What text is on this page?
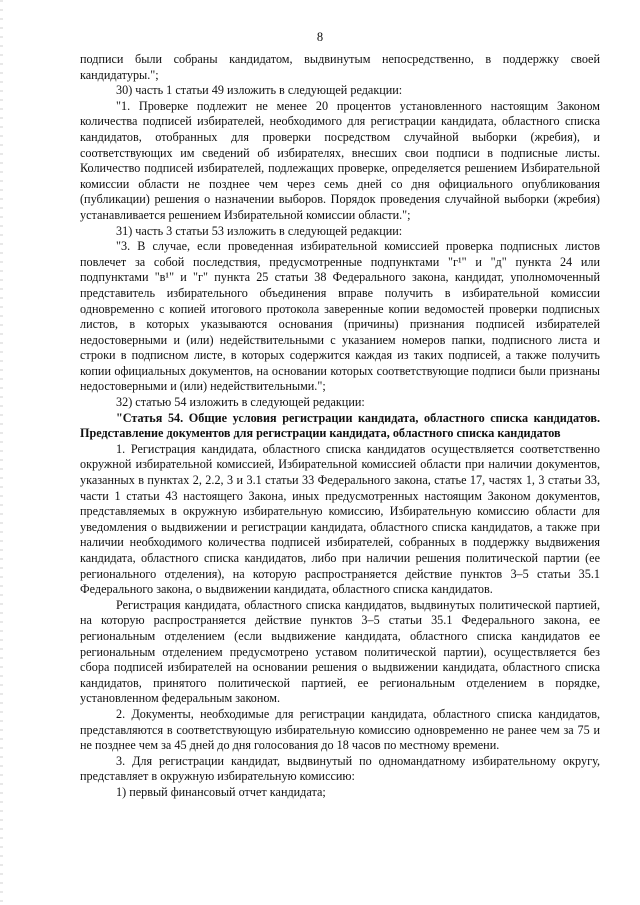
8

подписи были собраны кандидатом, выдвинутым непосредственно, в поддержку своей кандидатуры.";

30) часть 1 статьи 49 изложить в следующей редакции:

"1. Проверке подлежит не менее 20 процентов установленного настоящим Законом количества подписей избирателей, необходимого для регистрации кандидата, областного списка кандидатов, отобранных для проверки посредством случайной выборки (жребия), и соответствующих им сведений об избирателях, внесших свои подписи в подписные листы. Количество подписей избирателей, подлежащих проверке, определяется решением Избирательной комиссии области не позднее чем через семь дней со дня официального опубликования (публикации) решения о назначении выборов. Порядок проведения случайной выборки (жребия) устанавливается решением Избирательной комиссии области.";

31) часть 3 статьи 53 изложить в следующей редакции:

"3. В случае, если проведенная избирательной комиссией проверка подписных листов повлечет за собой последствия, предусмотренные подпунктами "г¹" и "д" пункта 24 или подпунктами "в¹" и "г" пункта 25 статьи 38 Федерального закона, кандидат, уполномоченный представитель избирательного объединения вправе получить в избирательной комиссии одновременно с копией итогового протокола заверенные копии ведомостей проверки подписных листов, в которых указываются основания (причины) признания подписей избирателей недостоверными и (или) недействительными с указанием номеров папки, подписного листа и строки в подписном листе, в которых содержится каждая из таких подписей, а также получить копии официальных документов, на основании которых соответствующие подписи были признаны недостоверными и (или) недействительными.";

32) статью 54 изложить в следующей редакции:

"Статья 54. Общие условия регистрации кандидата, областного списка кандидатов. Представление документов для регистрации кандидата, областного списка кандидатов

1. Регистрация кандидата, областного списка кандидатов осуществляется соответственно окружной избирательной комиссией, Избирательной комиссией области при наличии документов, указанных в пунктах 2, 2.2, 3 и 3.1 статьи 33 Федерального закона, статье 17, частях 1, 3 статьи 33, части 1 статьи 43 настоящего Закона, иных предусмотренных настоящим Законом документов, представляемых в окружную избирательную комиссию, Избирательную комиссию области для уведомления о выдвижении и регистрации кандидата, областного списка кандидатов, а также при наличии необходимого количества подписей избирателей, собранных в поддержку выдвижения кандидата, областного списка кандидатов, либо при наличии решения политической партии (ее регионального отделения), на которую распространяется действие пунктов 3–5 статьи 35.1 Федерального закона, о выдвижении кандидата, областного списка кандидатов.

Регистрация кандидата, областного списка кандидатов, выдвинутых политической партией, на которую распространяется действие пунктов 3–5 статьи 35.1 Федерального закона, ее региональным отделением (если выдвижение кандидата, областного списка кандидатов ее региональным отделением предусмотрено уставом политической партии), осуществляется без сбора подписей избирателей на основании решения о выдвижении кандидата, областного списка кандидатов, принятого политической партией, ее региональным отделением в порядке, установленном федеральным законом.

2. Документы, необходимые для регистрации кандидата, областного списка кандидатов, представляются в соответствующую избирательную комиссию одновременно не ранее чем за 75 и не позднее чем за 45 дней до дня голосования до 18 часов по местному времени.

3. Для регистрации кандидат, выдвинутый по одномандатному избирательному округу, представляет в окружную избирательную комиссию:

1) первый финансовый отчет кандидата;
